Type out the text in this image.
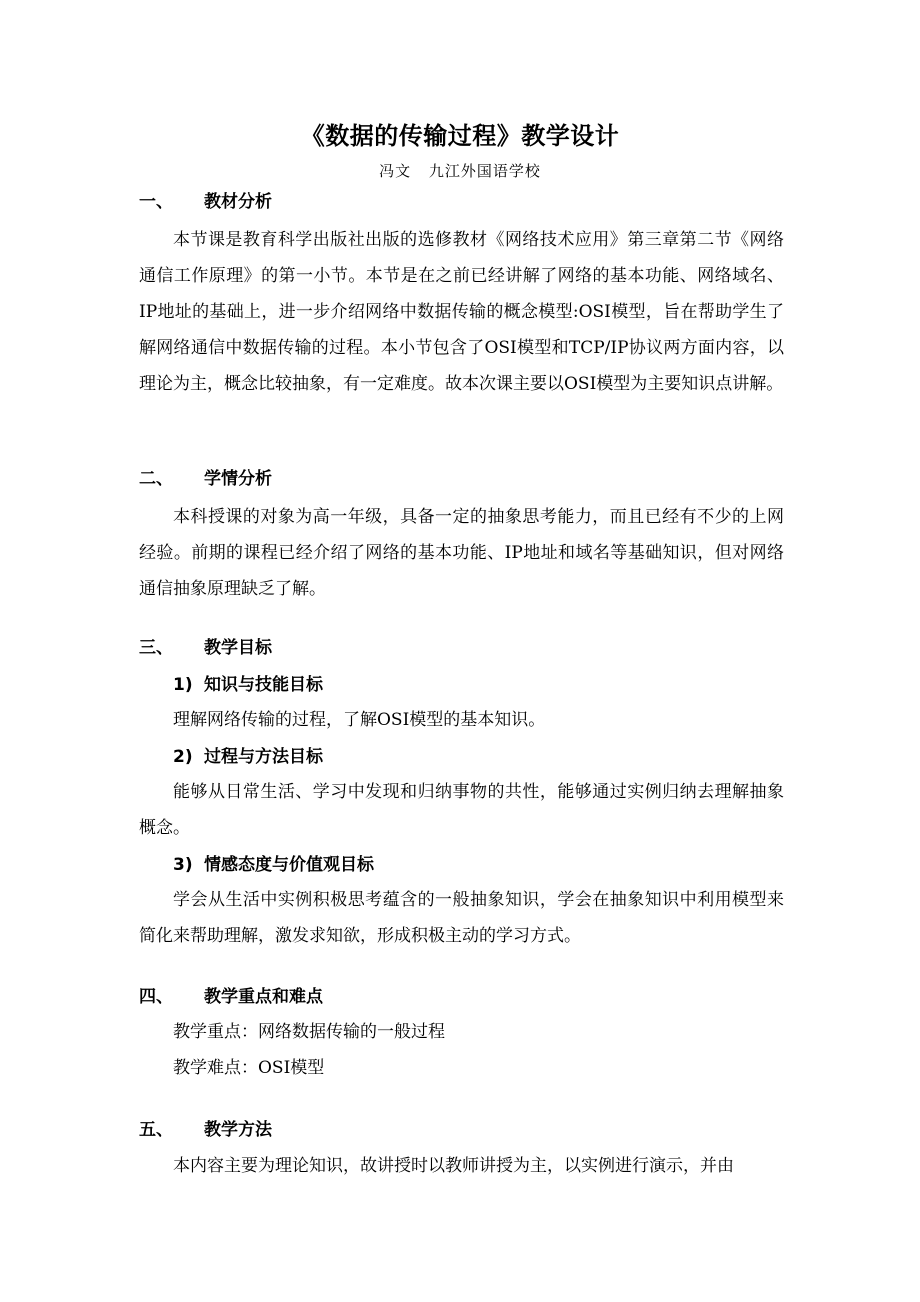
《数据的传输过程》教学设计
冯文 九江外国语学校
一、 教材分析
本节课是教育科学出版社出版的选修教材《网络技术应用》第三章第二节《网络通信工作原理》的第一小节。本节是在之前已经讲解了网络的基本功能、网络域名、IP地址的基础上，进一步介绍网络中数据传输的概念模型:OSI模型，旨在帮助学生了解网络通信中数据传输的过程。本小节包含了OSI模型和TCP/IP协议两方面内容，以理论为主，概念比较抽象，有一定难度。故本次课主要以OSI模型为主要知识点讲解。
二、 学情分析
本科授课的对象为高一年级，具备一定的抽象思考能力，而且已经有不少的上网经验。前期的课程已经介绍了网络的基本功能、IP地址和域名等基础知识，但对网络通信抽象原理缺乏了解。
三、 教学目标
1) 知识与技能目标
理解网络传输的过程，了解OSI模型的基本知识。
2) 过程与方法目标
能够从日常生活、学习中发现和归纳事物的共性，能够通过实例归纳去理解抽象概念。
3) 情感态度与价值观目标
学会从生活中实例积极思考蕴含的一般抽象知识，学会在抽象知识中利用模型来简化来帮助理解，激发求知欲，形成积极主动的学习方式。
四、 教学重点和难点
教学重点：网络数据传输的一般过程
教学难点：OSI模型
五、 教学方法
本内容主要为理论知识，故讲授时以教师讲授为主，以实例进行演示，并由
